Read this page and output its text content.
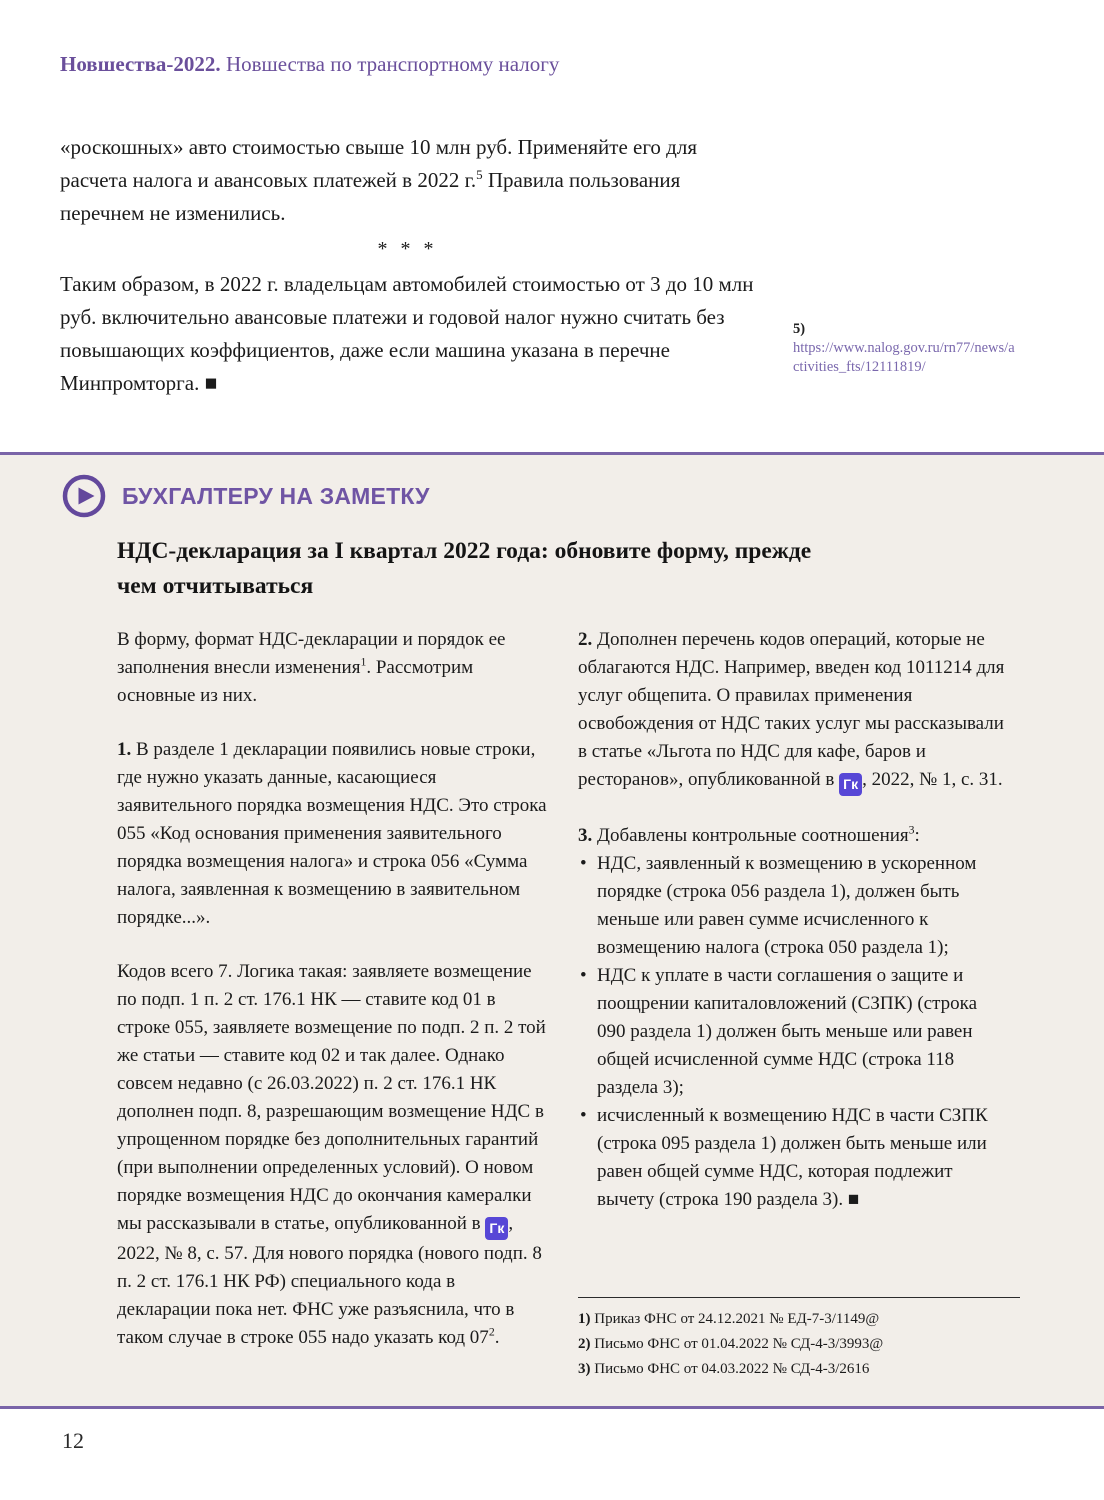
Новшества-2022. Новшества по транспортному налогу

«роскошных» авто стоимостью свыше 10 млн руб. Применяйте его для расчета налога и авансовых платежей в 2022 г.$^5$ Правила пользования перечнем не изменились.

* * *

Таким образом, в 2022 г. владельцам автомобилей стоимостью от 3 до 10 млн руб. включительно авансовые платежи и годовой налог нужно считать без повышающих коэффициентов, даже если машина указана в перечне Минпромторга. ■

5) https://www.nalog.gov.ru/rn77/news/activities_fts/12111819/
БУХГАЛТЕРУ НА ЗАМЕТКУ
НДС-декларация за I квартал 2022 года: обновите форму, прежде чем отчитываться

В форму, формат НДС-декларации и порядок ее заполнения внесли изменения$^1$. Рассмотрим основные из них.

1. В разделе 1 декларации появились новые строки, где нужно указать данные, касающиеся заявительного порядка возмещения НДС. Это строка 055 «Код основания применения заявительного порядка возмещения налога» и строка 056 «Сумма налога, заявленная к возмещению в заявительном порядке...».

Кодов всего 7. Логика такая: заявляете возмещение по подп. 1 п. 2 ст. 176.1 НК — ставите код 01 в строке 055, заявляете возмещение по подп. 2 п. 2 той же статьи — ставите код 02 и так далее. Однако совсем недавно (с 26.03.2022) п. 2 ст. 176.1 НК дополнен подп. 8, разрешающим возмещение НДС в упрощенном порядке без дополнительных гарантий (при выполнении определенных условий). О новом порядке возмещения НДС до окончания камералки мы рассказывали в статье, опубликованной в Гк , 2022, № 8, с. 57. Для нового порядка (нового подп. 8 п. 2 ст. 176.1 НК РФ) специального кода в декларации пока нет. ФНС уже разъяснила, что в таком случае в строке 055 надо указать код $07^2$.

2. Дополнен перечень кодов операций, которые не облагаются НДС. Например, введен код 1011214 для услуг общепита. О правилах применения освобождения от НДС таких услуг мы рассказывали в статье «Льгота по НДС для кафе, баров и ресторанов», опубликованной в Гк , 2022, № 1, с. 31.

3. Добавлены контрольные соотношения$^3$:

• НДС, заявленный к возмещению в ускоренном порядке (строка 056 раздела 1), должен быть меньше или равен сумме исчисленного к возмещению налога (строка 050 раздела 1);
• НДС к уплате в части соглашения о защите и поощрении капиталовложений (СЗПК) (строка 090 раздела 1) должен быть меньше или равен общей исчисленной сумме НДС (строка 118 раздела 3);
• исчисленный к возмещению НДС в части СЗПК (строка 095 раздела 1) должен быть меньше или равен общей сумме НДС, которая подлежит вычету (строка 190 раздела 3). ■
1) Приказ ФНС от 24.12.2021 № ЕД-7-3/1149@
2) Письмо ФНС от 01.04.2022 № СД-4-3/3993@
3) Письмо ФНС от 04.03.2022 № СД-4-3/2616
12
